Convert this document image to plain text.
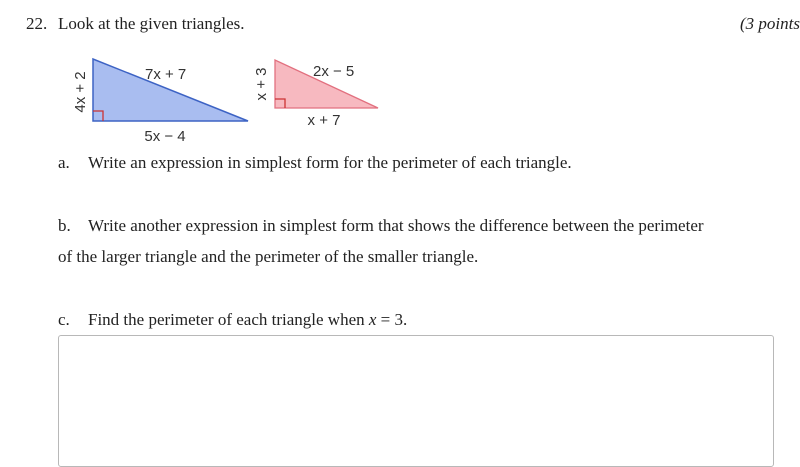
22. Look at the given triangles.	(3 points
7x + 7
4x + 2
5x − 4
2x − 5
x + 3
x + 7
a. Write an expression in simplest form for the perimeter of each triangle.
b. Write another expression in simplest form that shows the difference between the perimeter
of the larger triangle and the perimeter of the smaller triangle.
c. Find the perimeter of each triangle when x = 3.
